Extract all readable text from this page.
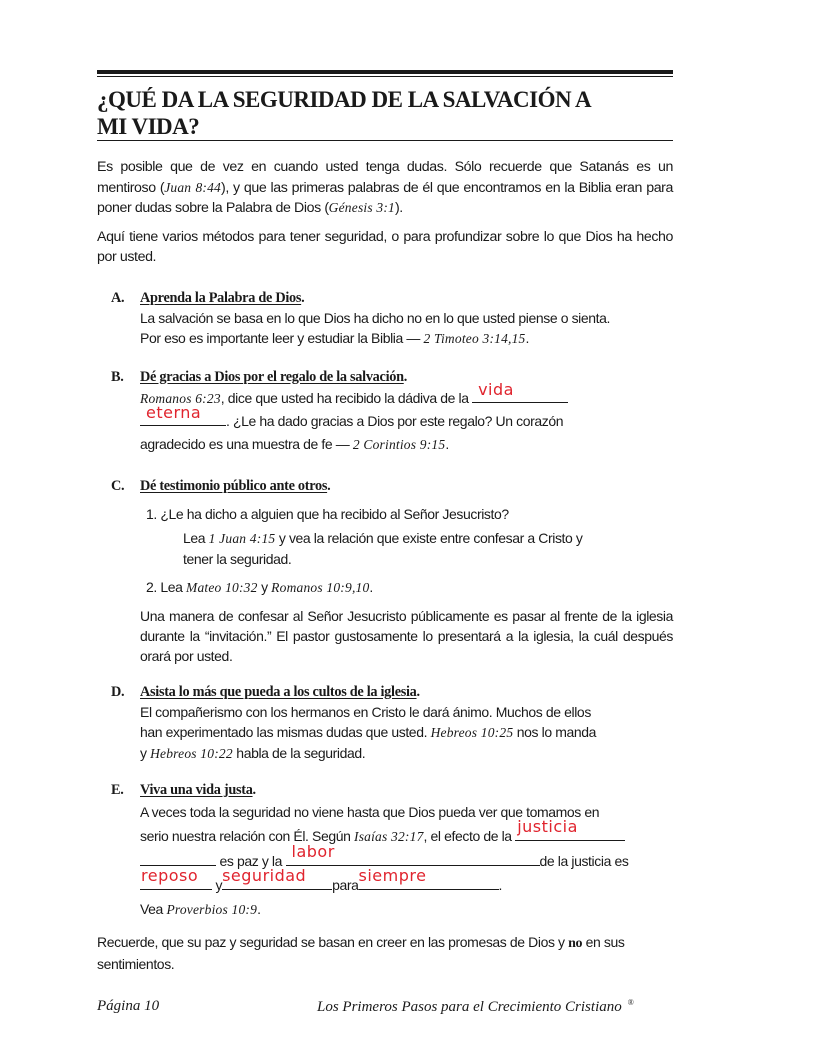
¿QUÉ DA LA SEGURIDAD DE LA SALVACIÓN A

MI VIDA?

Es posible que de vez en cuando usted tenga dudas. Sólo recuerde que Satanás es un mentiroso (Juan 8:44), y que las primeras palabras de él que encontramos en la Biblia eran para poner dudas sobre la Palabra de Dios (Génesis 3:1).

Aquí tiene varios métodos para tener seguridad, o para profundizar sobre lo que Dios ha hecho por usted.

A. Aprenda la Palabra de Dios.
La salvación se basa en lo que Dios ha dicho no en lo que usted piense o sienta.
Por eso es importante leer y estudiar la Biblia — 2 Timoteo 3:14,15.
B. Dé gracias a Dios por el regalo de la salvación.
Romanos 6:23, dice que usted ha recibido la dádiva de la vida

eterna . ¿Le ha dado gracias a Dios por este regalo? Un corazón
agradecido es una muestra de fe — 2 Corintios 9:15.
C. Dé testimonio público ante otros.
1. ¿Le ha dicho a alguien que ha recibido al Señor Jesucristo?
Lea 1 Juan 4:15 y vea la relación que existe entre confesar a Cristo y
tener la seguridad.
2. Lea Mateo 10:32 y Romanos 10:9,10.

Una manera de confesar al Señor Jesucristo públicamente es pasar al frente de la iglesia durante la “invitación.” El pastor gustosamente lo presentará a la iglesia, la cuál después orará por usted.

D. Asista lo más que pueda a los cultos de la iglesia.
El compañerismo con los hermanos en Cristo le dará ánimo. Muchos de ellos
han experimentado las mismas dudas que usted. Hebreos 10:25 nos lo manda
y Hebreos 10:22 habla de la seguridad.
E. Viva una vida justa.
A veces toda la seguridad no viene hasta que Dios pueda ver que tomamos en
serio nuestra relación con Él. Según Isaías 32:17, el efecto de la justicia

es paz y la labor	de la justicia es

reposo y seguridad para siempre	.
Vea Proverbios 10:9.

Recuerde, que su paz y seguridad se basan en creer en las promesas de Dios y no en sus sentimientos.

Página 10	Los Primeros Pasos para el Crecimiento Cristiano ®
